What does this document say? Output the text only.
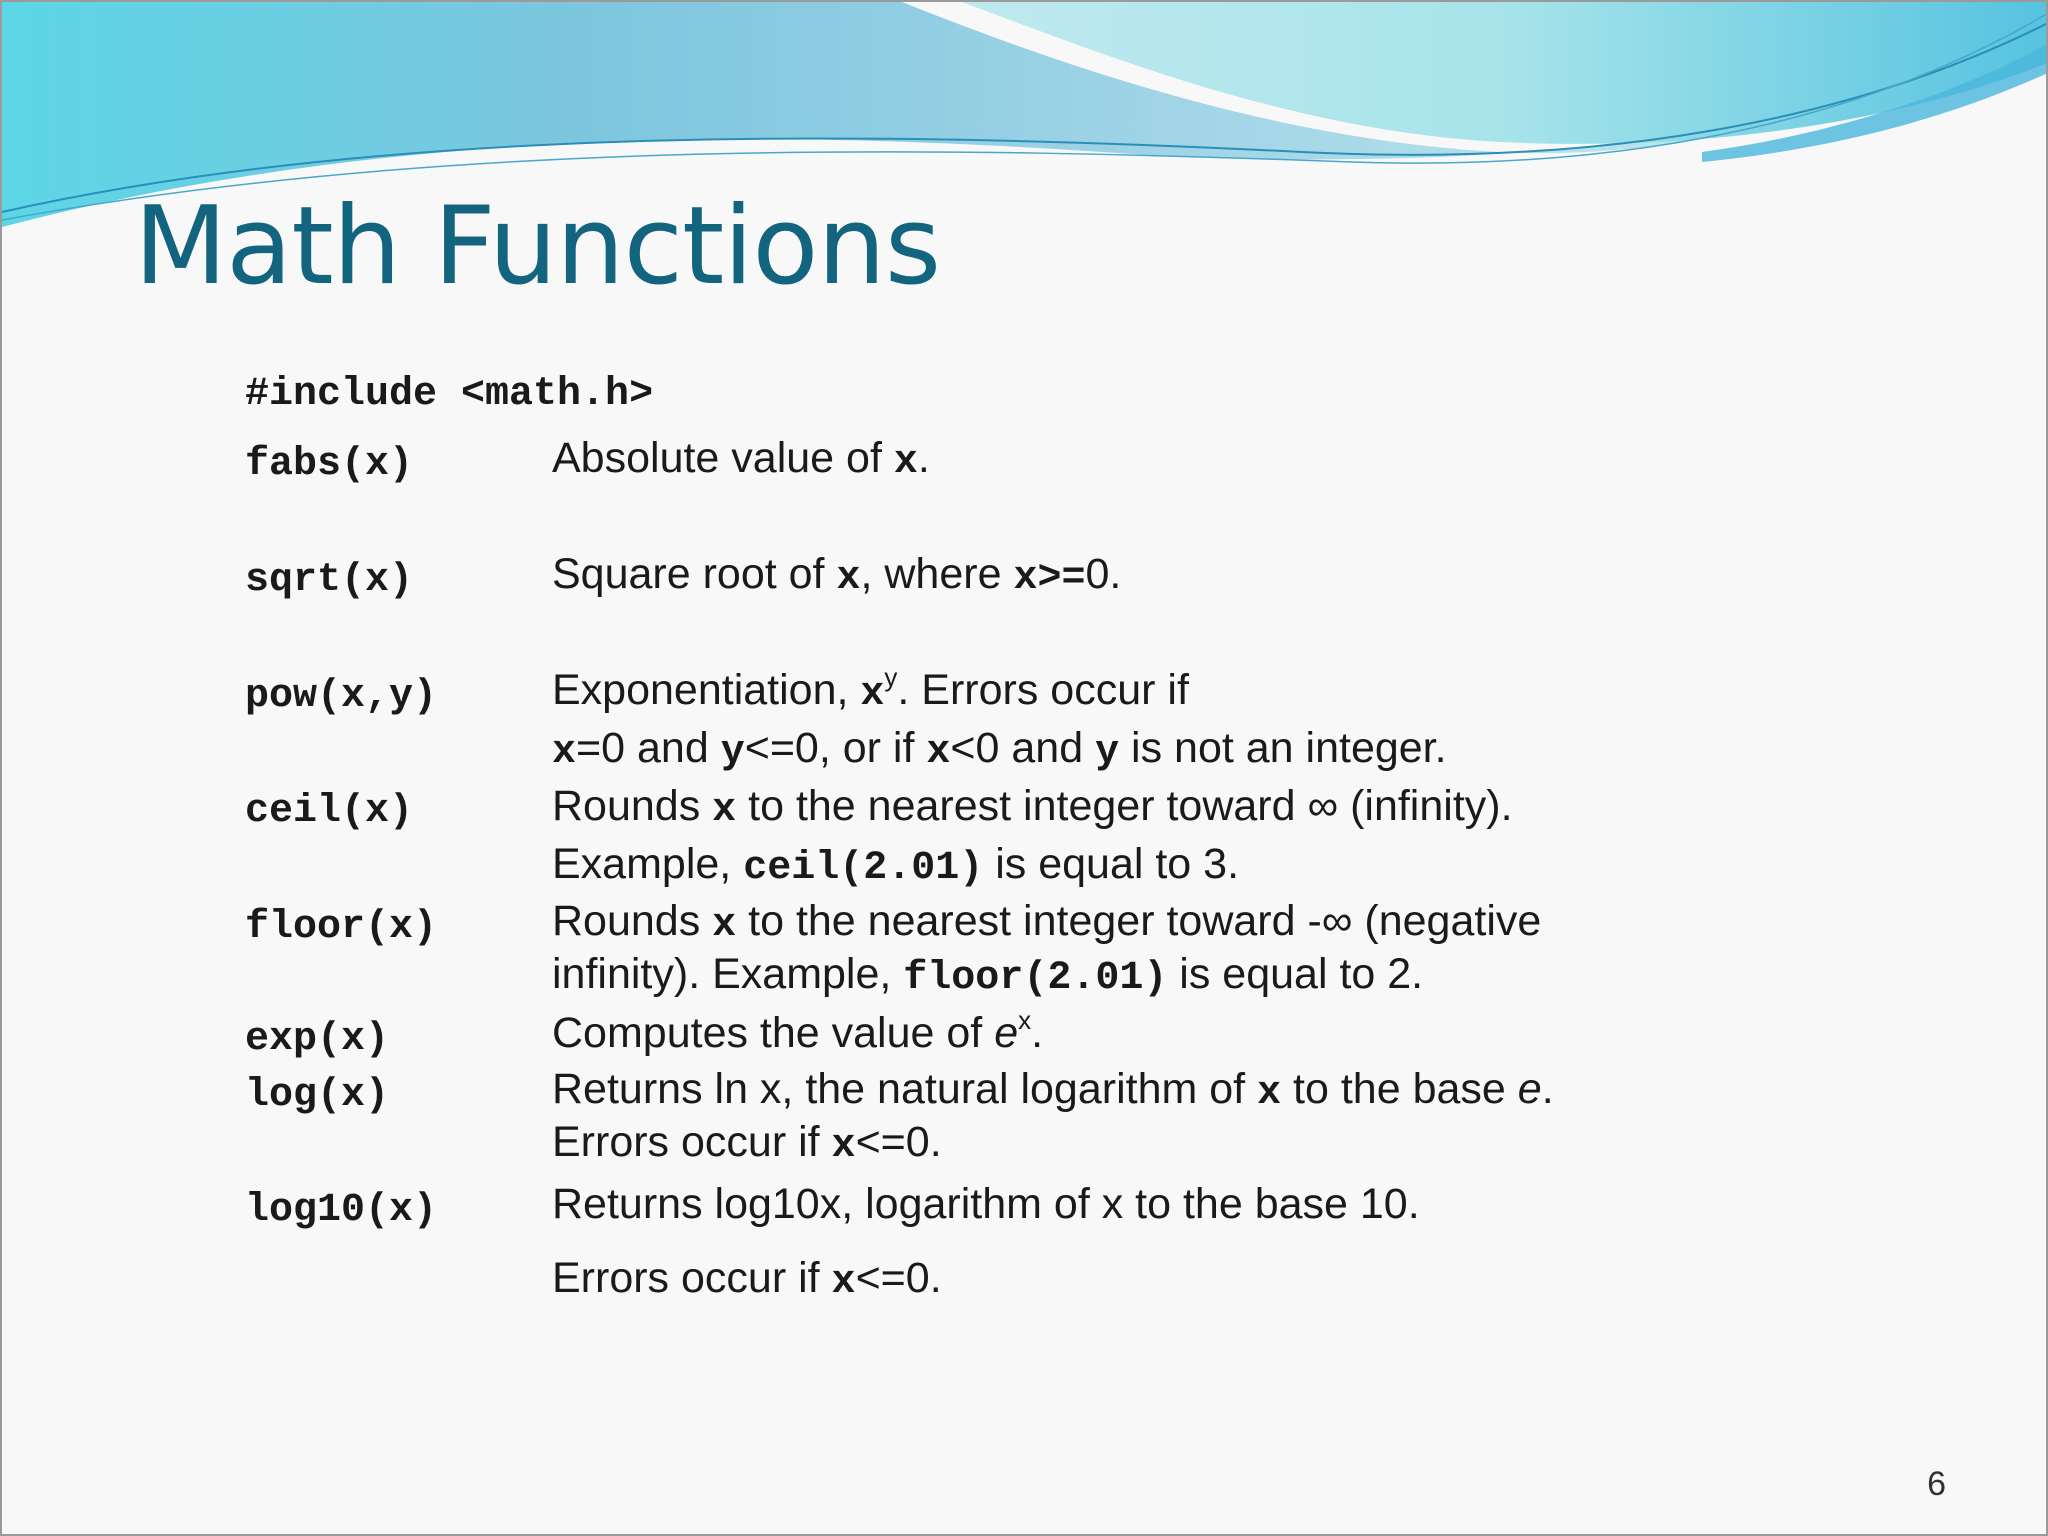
Math Functions
#include <math.h>
6
fabs(x)	Absolute value of x.
sqrt(x)	Square root of x, where x>=0.
pow(x,y)	Exponentiation, $x^y$. Errors occur if
x=0 and y<=0, or if x<0 and y is not an integer.
ceil(x)	Rounds x to the nearest integer toward ∞ (infinity).
Example, ceil(2.01) is equal to 3.
floor(x)	Rounds x to the nearest integer toward -∞ (negative
infinity). Example, floor(2.01) is equal to 2.
exp(x)	Computes the value of $e^x$.
log(x)	Returns ln x, the natural logarithm of x to the base e.
Errors occur if x<=0.
log10(x)	Returns log10x, logarithm of x to the base 10.
Errors occur if x<=0.
